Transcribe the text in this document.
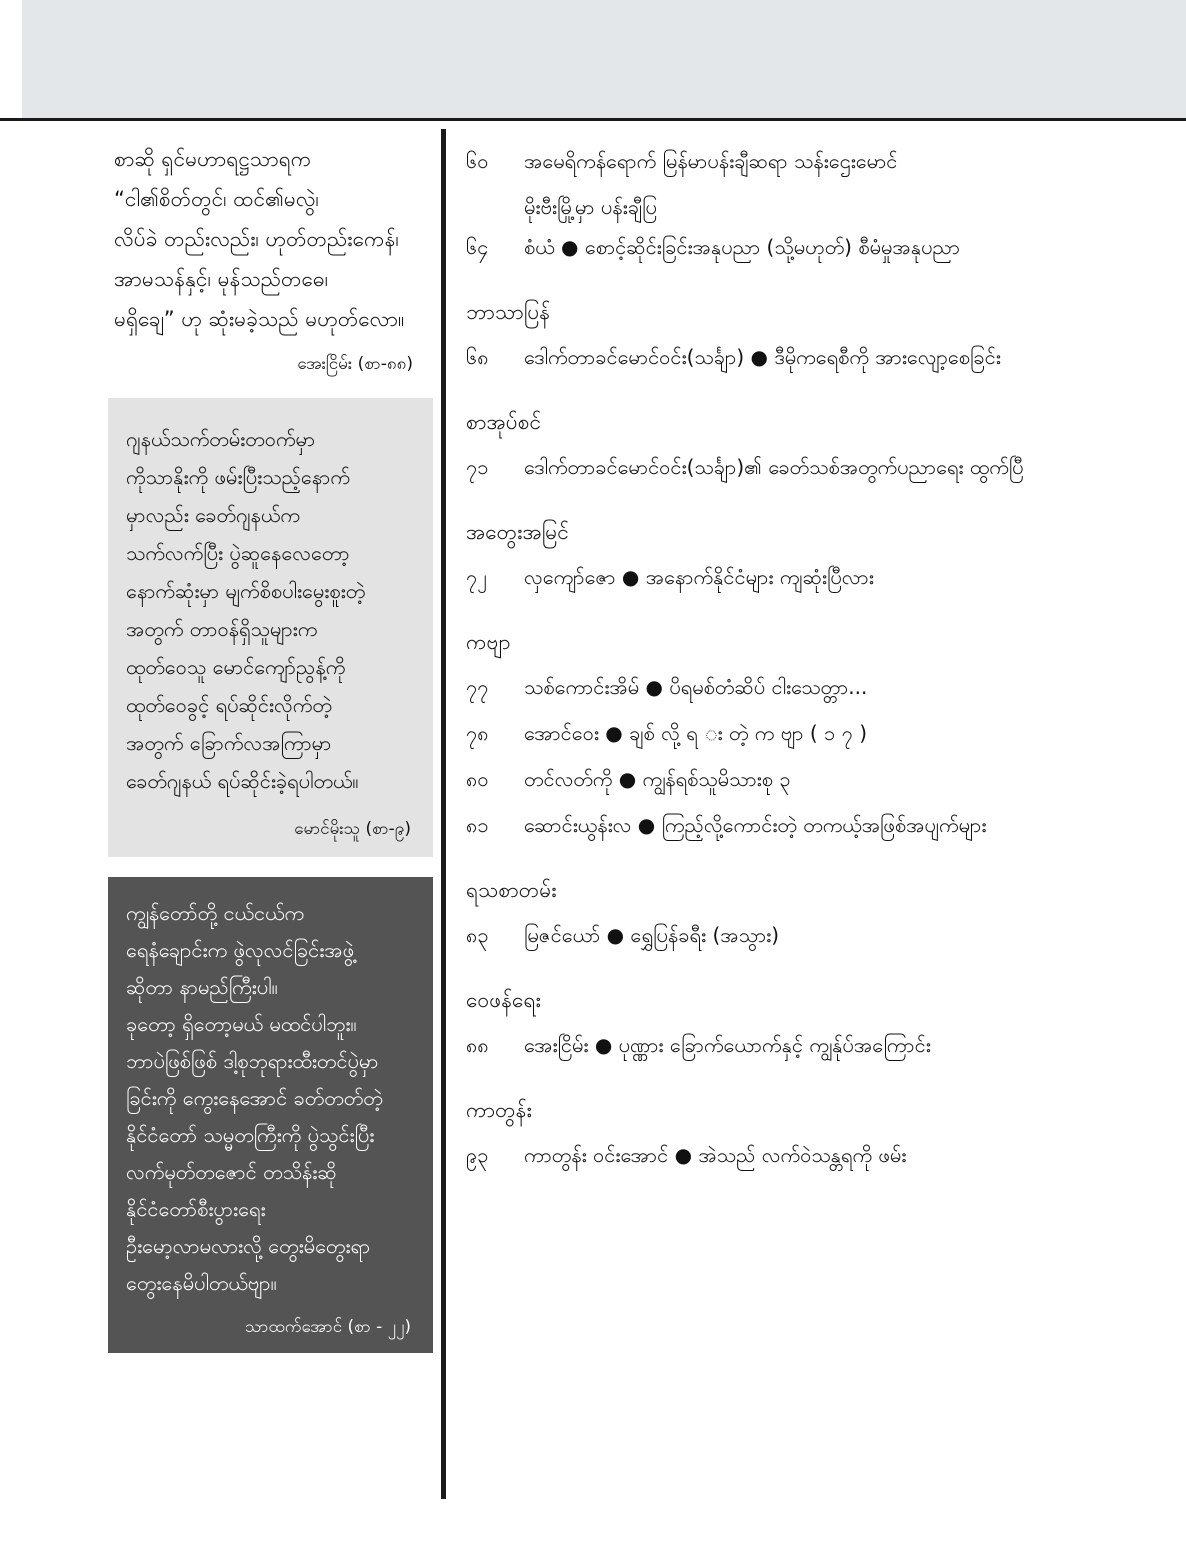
စာဆို ရှင်မဟာရဋ္ဌသာရက
“ငါ၏စိတ်တွင်၊ ထင်၏မလွဲ၊
လိပ်ခဲ တည်းလည်း၊ ဟုတ်တည်းကေန်၊
အာမသန်နှင့်၊ မုန်သည်တဓေ၊
မရှိချေ” ဟု ဆုံးမခဲ့သည် မဟုတ်လော။
အေးငြိမ်း (စာ-၈၈)
ဂျနယ်သက်တမ်းတဝက်မှာ
ကိုသာနိုးကို ဖမ်းပြီးသည့်နောက်
မှာလည်း ခေတ်ဂျနယ်က
သက်လက်ပြီး ပွဲဆူနေလေတော့
နောက်ဆုံးမှာ မျက်စိစပါးမွေးစူးတဲ့
အတွက် တာဝန်ရှိသူများက
ထုတ်ဝေသူ မောင်ကျော်ညွန့်ကို
ထုတ်ဝေခွင့် ရပ်ဆိုင်းလိုက်တဲ့
အတွက် ခြောက်လအကြာမှာ
ခေတ်ဂျနယ် ရပ်ဆိုင်းခဲ့ရပါတယ်။
မောင်မိုးသူ (စာ-၉)
ကျွန်တော်တို့ ငယ်ငယ်က
ရေနံချောင်းက ဖွဲလုလင်ခြင်းအဖွဲ့
ဆိုတာ နာမည်ကြီးပါ။
ခုတော့ ရှိတော့မယ် မထင်ပါဘူး။
ဘာပဲဖြစ်ဖြစ် ဒါ့စုဘုရားထီးတင်ပွဲမှာ
ခြင်းကို ကွေးနေအောင် ခတ်တတ်တဲ့
နိုင်ငံတော် သမ္မတကြီးကို ပွဲသွင်းပြီး
လက်မုတ်တဇောင် တသိန်းဆို
နိုင်ငံတော်စီးပွားရေး
ဦးမော့လာမလားလို့ တွေးမိတွေးရာ
တွေးနေမိပါတယ်ဗျာ။
သာထက်အောင် (စာ - ၂၂)
၆၀	အမေရိကန်ရောက် မြန်မာပန်းချီဆရာ သန်းဌေးမောင်
မိုးဗီးမြို့မှာ ပန်းချီပြ
၆၄	စံယံ ● စောင့်ဆိုင်းခြင်းအနုပညာ (သို့မဟုတ်) စီမံမှုအနုပညာ
ဘာသာပြန်
၆၈	ဒေါက်တာခင်မောင်ဝင်း(သင်္ချာ) ● ဒီမိုကရေစီကို အားလျော့စေခြင်း
စာအုပ်စင်
၇၁	ဒေါက်တာခင်မောင်ဝင်း(သင်္ချာ)၏ ခေတ်သစ်အတွက်ပညာရေး ထွက်ပြီ
အတွေးအမြင်
၇၂	လှကျော်ဇော ● အနောက်နိုင်ငံများ ကျဆုံးပြီလား
ကဗျာ
၇၇	သစ်ကောင်းအိမ် ● ပိရမစ်တံဆိပ် ငါးသေတ္တာ...
၇၈	အောင်ဝေး ● ချစ် လို့ ရ း တဲ့ က ဗျာ ( ၁ ၇ )
၈၀	တင်လတ်ကို ● ကျွန်ရစ်သူမိသားစု ၃
၈၁	ဆောင်းယွန်းလ ● ကြည့်လို့ကောင်းတဲ့ တကယ့်အဖြစ်အပျက်များ
ရသစာတမ်း
၈၃	မြဇင်ယော် ● ရွှေပြန်ခရီး (အသွား)
ဝေဖန်ရေး
၈၈	အေးငြိမ်း ● ပုဏ္ဏား ခြောက်ယောက်နှင့် ကျွန်ုပ်အကြောင်း
ကာတွန်း
၉၃	ကာတွန်း ဝင်းအောင် ● အဲသည် လက်ဝဲသန္တရကို ဖမ်း
